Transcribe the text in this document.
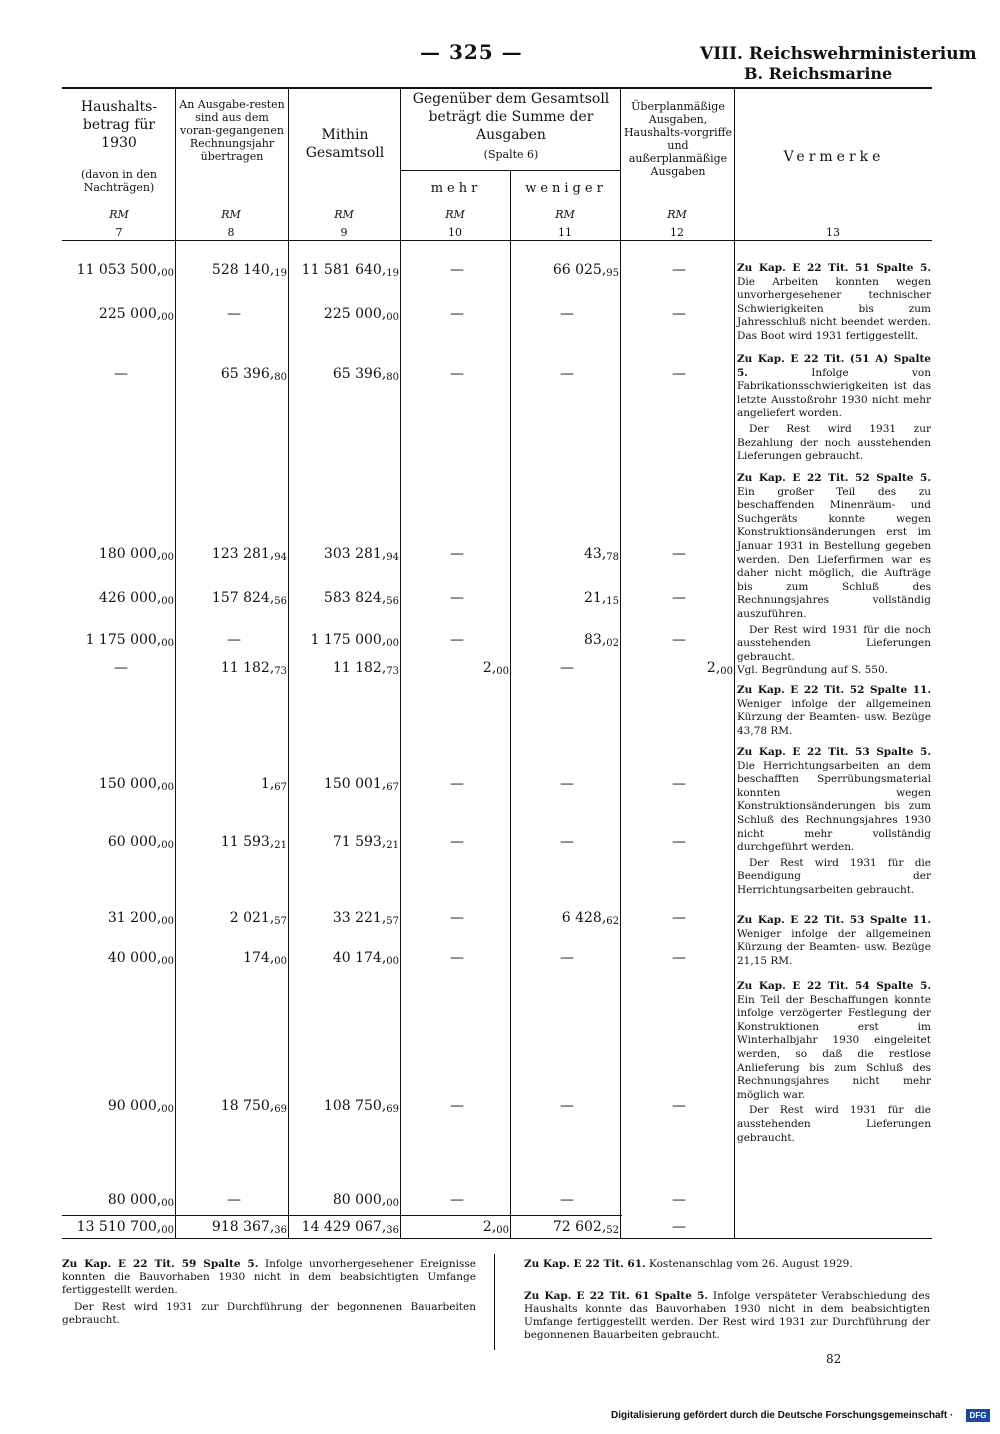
— 325 —	VIII. Reichswehrministerium
B. Reichsmarine
Haushalts-betrag für 1930
(davon in den Nachträgen)
An Ausgabe-resten sind aus dem voran-gegangenen Rechnungsjahr übertragen
Mithin Gesamtsoll
Gegenüber dem Gesamtsoll beträgt die Summe der Ausgaben
(Spalte 6)
mehr	weniger
Überplanmäßige Ausgaben, Haushalts-vorgriffe und außerplanmäßige Ausgaben
Vermerke
RM	RM	RM	RM	RM	RM
7	8	9	10	11	12	13
11 053 $500,_{00}$	528 $140,_{19}$	11 581 $640,_{19}$	—	66 $025,_{95}$	—
225 $000,_{00}$	—	225 $000,_{00}$	—	—	—
—	65 $396,_{80}$	65 $396,_{80}$	—	—	—
180 $000,_{00}$	123 $281,_{94}$	303 $281,_{94}$	—	$43,_{78}$	—
426 $000,_{00}$	157 $824,_{56}$	583 $824,_{56}$	—	$21,_{15}$	—
1 175 $000,_{00}$	—	1 175 $000,_{00}$	—	$83,_{02}$	—
—	11 $182,_{73}$	11 $182,_{73}$	$2,_{00}$	—	$2,_{00}$
150 $000,_{00}$	$1,_{67}$	150 $001,_{67}$	—	—	—
60 $000,_{00}$	11 $593,_{21}$	71 $593,_{21}$	—	—	—
31 $200,_{00}$	2 $021,_{57}$	33 $221,_{57}$	—	6 $428,_{62}$	—
40 $000,_{00}$	$174,_{00}$	40 $174,_{00}$	—	—	—
90 $000,_{00}$	18 $750,_{69}$	108 $750,_{69}$	—	—	—
80 $000,_{00}$	—	80 $000,_{00}$	—	—	—
13 510 $700,_{00}$	918 $367,_{36}$	14 429 $067,_{36}$	$2,_{00}$	72 $602,_{52}$	—

Zu Kap. E 22 Tit. 51 Spalte 5. Die Arbeiten konnten wegen unvorhergesehener technischer Schwierigkeiten bis zum Jahresschluß nicht beendet werden. Das Boot wird 1931 fertiggestellt.

Zu Kap. E 22 Tit. (51 A) Spalte 5.	Infolge von Fabrikationsschwierigkeiten ist das letzte Ausstoßrohr 1930 nicht mehr angeliefert worden.

Der Rest wird 1931 zur Bezahlung der noch ausstehenden Lieferungen gebraucht.

Zu Kap. E 22 Tit. 52 Spalte 5. Ein großer Teil des zu beschaffenden Minenräum- und Suchgeräts konnte wegen Konstruktionsänderungen erst im Januar 1931 in Bestellung gegeben werden. Den Lieferfirmen war es daher nicht möglich, die Aufträge bis zum Schluß des Rechnungsjahres vollständig auszuführen.

Der Rest wird 1931 für die noch ausstehenden Lieferungen gebraucht.

Vgl. Begründung auf S. 550.

Zu Kap. E 22 Tit. 52 Spalte 11. Weniger infolge der allgemeinen Kürzung der Beamten- usw. Bezüge 43,78 RM.

Zu Kap. E 22 Tit. 53 Spalte 5. Die Herrichtungsarbeiten an dem beschafften Sperrübungsmaterial konnten wegen Konstruktionsänderungen bis zum Schluß des Rechnungsjahres 1930 nicht mehr vollständig durchgeführt werden.

Der Rest wird 1931 für die Beendigung der Herrichtungsarbeiten gebraucht.

Zu Kap. E 22 Tit. 53 Spalte 11. Weniger infolge der allgemeinen Kürzung der Beamten- usw. Bezüge 21,15 RM.

Zu Kap. E 22 Tit. 54 Spalte 5. Ein Teil der Beschaffungen konnte infolge verzögerter Festlegung der Konstruktionen erst im Winterhalbjahr 1930 eingeleitet werden, so daß die restlose Anlieferung bis zum Schluß des Rechnungsjahres nicht mehr möglich war.

Der Rest wird 1931 für die ausstehenden Lieferungen gebraucht.

Zu Kap. E 22 Tit. 59 Spalte 5. Infolge unvorhergesehener Ereignisse konnten die Bauvorhaben 1930 nicht in dem beabsichtigten Umfange fertiggestellt werden.

Der Rest wird 1931 zur Durchführung der begonnenen Bauarbeiten gebraucht.

Zu Kap. E 22 Tit. 61. Kostenanschlag vom 26. August 1929.

Zu Kap. E 22 Tit. 61 Spalte 5. Infolge verspäteter Verabschiedung des Haushalts konnte das Bauvorhaben 1930 nicht in dem beabsichtigten Umfange fertiggestellt werden. Der Rest wird 1931 zur Durchführung der begonnenen Bauarbeiten gebraucht.

82
Digitalisierung gefördert durch die Deutsche Forschungsgemeinschaft ·	DFG
